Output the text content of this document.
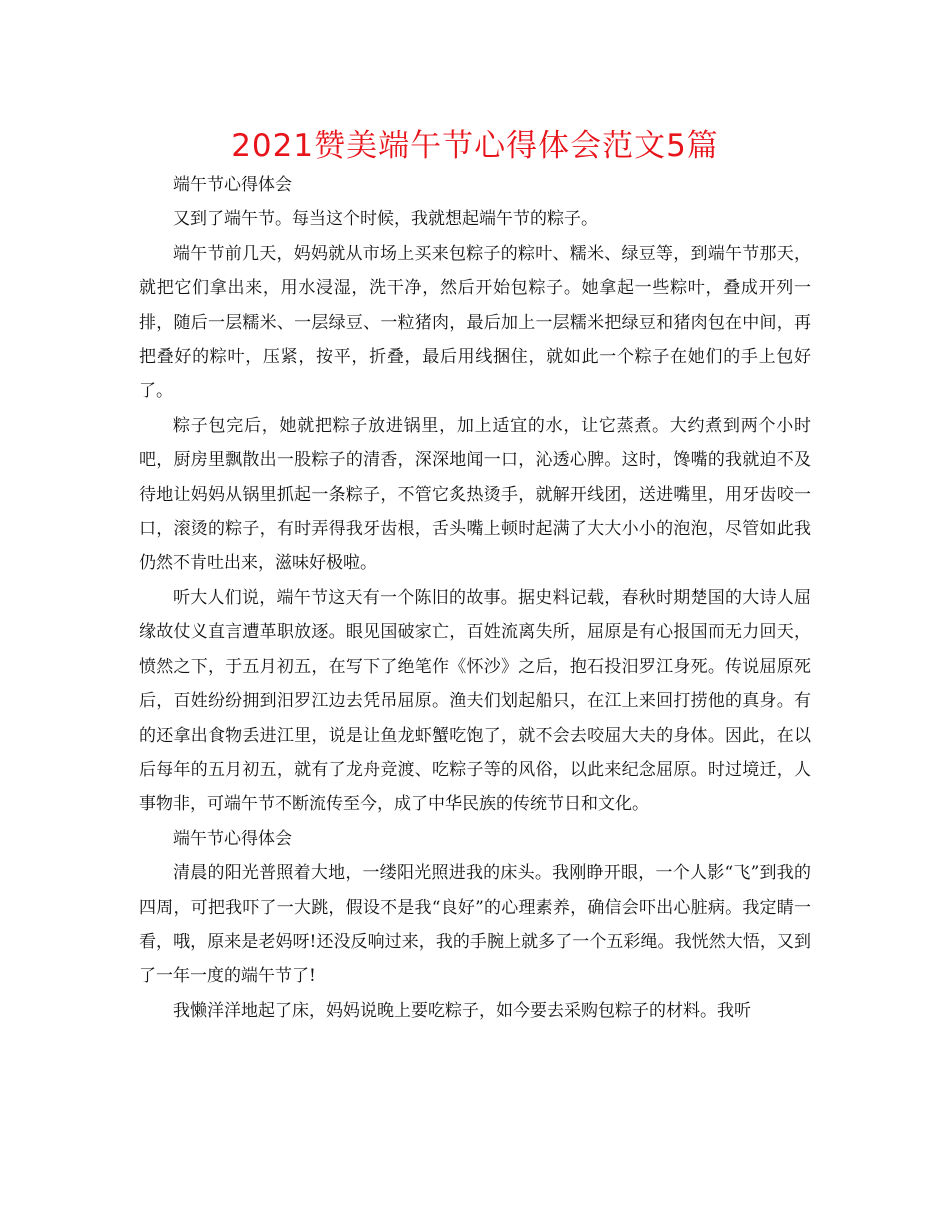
2021赞美端午节心得体会范文5篇

端午节心得体会

又到了端午节。每当这个时候，我就想起端午节的粽子。

端午节前几天，妈妈就从市场上买来包粽子的粽叶、糯米、绿豆等，到端午节那天，就把它们拿出来，用水浸湿，洗干净，然后开始包粽子。她拿起一些粽叶，叠成开列一排，随后一层糯米、一层绿豆、一粒猪肉，最后加上一层糯米把绿豆和猪肉包在中间，再把叠好的粽叶，压紧，按平，折叠，最后用线捆住，就如此一个粽子在她们的手上包好了。

粽子包完后，她就把粽子放进锅里，加上适宜的水，让它蒸煮。大约煮到两个小时吧，厨房里飘散出一股粽子的清香，深深地闻一口，沁透心脾。这时，馋嘴的我就迫不及待地让妈妈从锅里抓起一条粽子，不管它炙热烫手，就解开线团，送进嘴里，用牙齿咬一口，滚烫的粽子，有时弄得我牙齿根，舌头嘴上顿时起满了大大小小的泡泡，尽管如此我仍然不肯吐出来，滋味好极啦。

听大人们说，端午节这天有一个陈旧的故事。据史料记载，春秋时期楚国的大诗人屈缘故仗义直言遭革职放逐。眼见国破家亡，百姓流离失所，屈原是有心报国而无力回天，愤然之下，于五月初五，在写下了绝笔作《怀沙》之后，抱石投汨罗江身死。传说屈原死后，百姓纷纷拥到汨罗江边去凭吊屈原。渔夫们划起船只，在江上来回打捞他的真身。有的还拿出食物丢进江里，说是让鱼龙虾蟹吃饱了，就不会去咬屈大夫的身体。因此，在以后每年的五月初五，就有了龙舟竞渡、吃粽子等的风俗，以此来纪念屈原。时过境迁，人事物非，可端午节不断流传至今，成了中华民族的传统节日和文化。

端午节心得体会

清晨的阳光普照着大地，一缕阳光照进我的床头。我刚睁开眼，一个人影“飞”到我的四周，可把我吓了一大跳，假设不是我“良好”的心理素养，确信会吓出心脏病。我定睛一看，哦，原来是老妈呀!还没反响过来，我的手腕上就多了一个五彩绳。我恍然大悟，又到了一年一度的端午节了!

我懒洋洋地起了床，妈妈说晚上要吃粽子，如今要去采购包粽子的材料。我听
